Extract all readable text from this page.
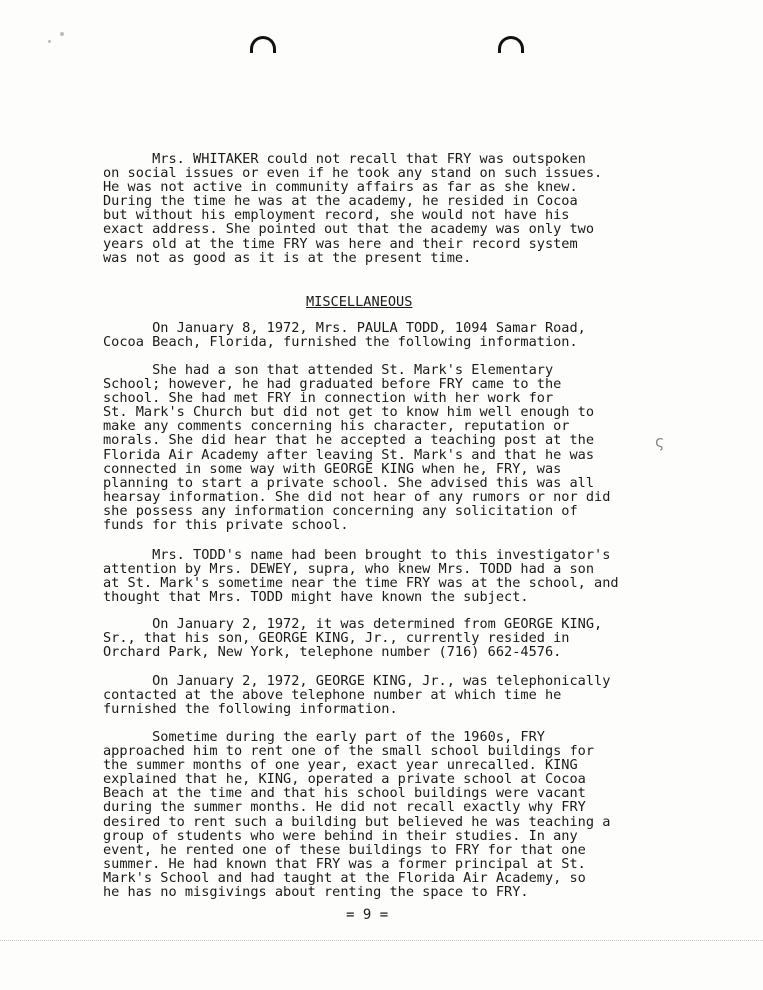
Mrs. WHITAKER could not recall that FRY was outspoken
on social issues or even if he took any stand on such issues.
He was not active in community affairs as far as she knew.
During the time he was at the academy, he resided in Cocoa
but without his employment record, she would not have his
exact address. She pointed out that the academy was only two
years old at the time FRY was here and their record system
was not as good as it is at the present time.
MISCELLANEOUS
On January 8, 1972, Mrs. PAULA TODD, 1094 Samar Road,
Cocoa Beach, Florida, furnished the following information.
She had a son that attended St. Mark's Elementary
School; however, he had graduated before FRY came to the
school. She had met FRY in connection with her work for
St. Mark's Church but did not get to know him well enough to
make any comments concerning his character, reputation or
morals. She did hear that he accepted a teaching post at the
Florida Air Academy after leaving St. Mark's and that he was
connected in some way with GEORGE KING when he, FRY, was
planning to start a private school. She advised this was all
hearsay information. She did not hear of any rumors or nor did
she possess any information concerning any solicitation of
funds for this private school.
Mrs. TODD's name had been brought to this investigator's
attention by Mrs. DEWEY, supra, who knew Mrs. TODD had a son
at St. Mark's sometime near the time FRY was at the school, and
thought that Mrs. TODD might have known the subject.
On January 2, 1972, it was determined from GEORGE KING,
Sr., that his son, GEORGE KING, Jr., currently resided in
Orchard Park, New York, telephone number (716) 662-4576.
On January 2, 1972, GEORGE KING, Jr., was telephonically
contacted at the above telephone number at which time he
furnished the following information.
Sometime during the early part of the 1960s, FRY
approached him to rent one of the small school buildings for
the summer months of one year, exact year unrecalled. KING
explained that he, KING, operated a private school at Cocoa
Beach at the time and that his school buildings were vacant
during the summer months. He did not recall exactly why FRY
desired to rent such a building but believed he was teaching a
group of students who were behind in their studies. In any
event, he rented one of these buildings to FRY for that one
summer. He had known that FRY was a former principal at St.
Mark's School and had taught at the Florida Air Academy, so
he has no misgivings about renting the space to FRY.
= 9 =
ς
